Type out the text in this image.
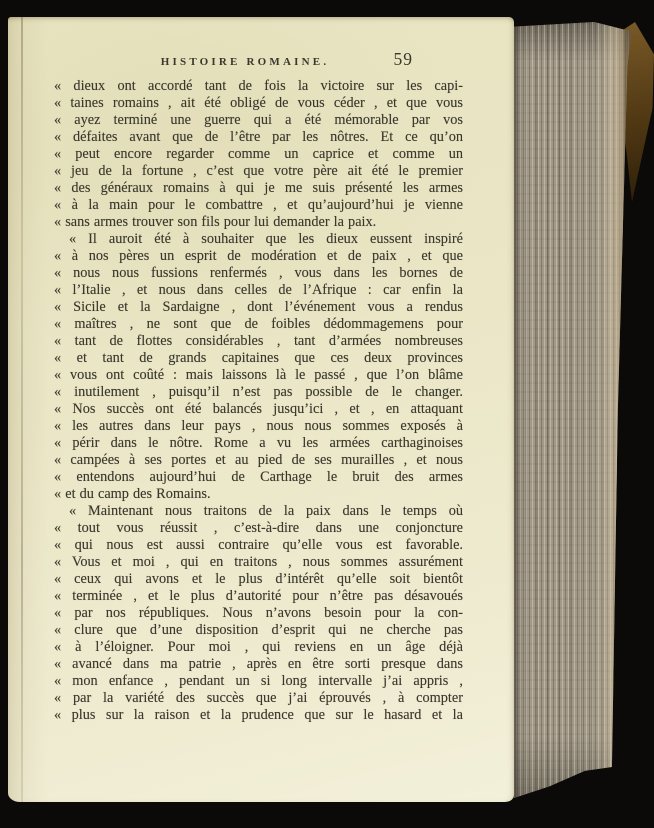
HISTOIRE ROMAINE.	59
« dieux ont accordé tant de fois la victoire sur les capi-
« taines romains , ait été obligé de vous céder , et que vous
« ayez terminé une guerre qui a été mémorable par vos
« défaites avant que de l’être par les nôtres. Et ce qu’on
« peut encore regarder comme un caprice et comme un
« jeu de la fortune , c’est que votre père ait été le premier
« des généraux romains à qui je me suis présenté les armes
« à la main pour le combattre , et qu’aujourd’hui je vienne
« sans armes trouver son fils pour lui demander la paix.
« Il auroit été à souhaiter que les dieux eussent inspiré
« à nos pères un esprit de modération et de paix , et que
« nous nous fussions renfermés , vous dans les bornes de
« l’Italie , et nous dans celles de l’Afrique : car enfin la
« Sicile et la Sardaigne , dont l’événement vous a rendus
« maîtres , ne sont que de foibles dédommagemens pour
« tant de flottes considérables , tant d’armées nombreuses
« et tant de grands capitaines que ces deux provinces
« vous ont coûté : mais laissons là le passé , que l’on blâme
« inutilement , puisqu’il n’est pas possible de le changer.
« Nos succès ont été balancés jusqu’ici , et , en attaquant
« les autres dans leur pays , nous nous sommes exposés à
« périr dans le nôtre. Rome a vu les armées carthaginoises
« campées à ses portes et au pied de ses murailles , et nous
« entendons aujourd’hui de Carthage le bruit des armes
« et du camp des Romains.
« Maintenant nous traitons de la paix dans le temps où
« tout vous réussit , c’est-à-dire dans une conjoncture
« qui nous est aussi contraire qu’elle vous est favorable.
« Vous et moi , qui en traitons , nous sommes assurément
« ceux qui avons et le plus d’intérêt qu’elle soit bientôt
« terminée , et le plus d’autorité pour n’être pas désavoués
« par nos républiques. Nous n’avons besoin pour la con-
« clure que d’une disposition d’esprit qui ne cherche pas
« à l’éloigner. Pour moi , qui reviens en un âge déjà
« avancé dans ma patrie , après en être sorti presque dans
« mon enfance , pendant un si long intervalle j’ai appris ,
« par la variété des succès que j’ai éprouvés , à compter
« plus sur la raison et la prudence que sur le hasard et la
